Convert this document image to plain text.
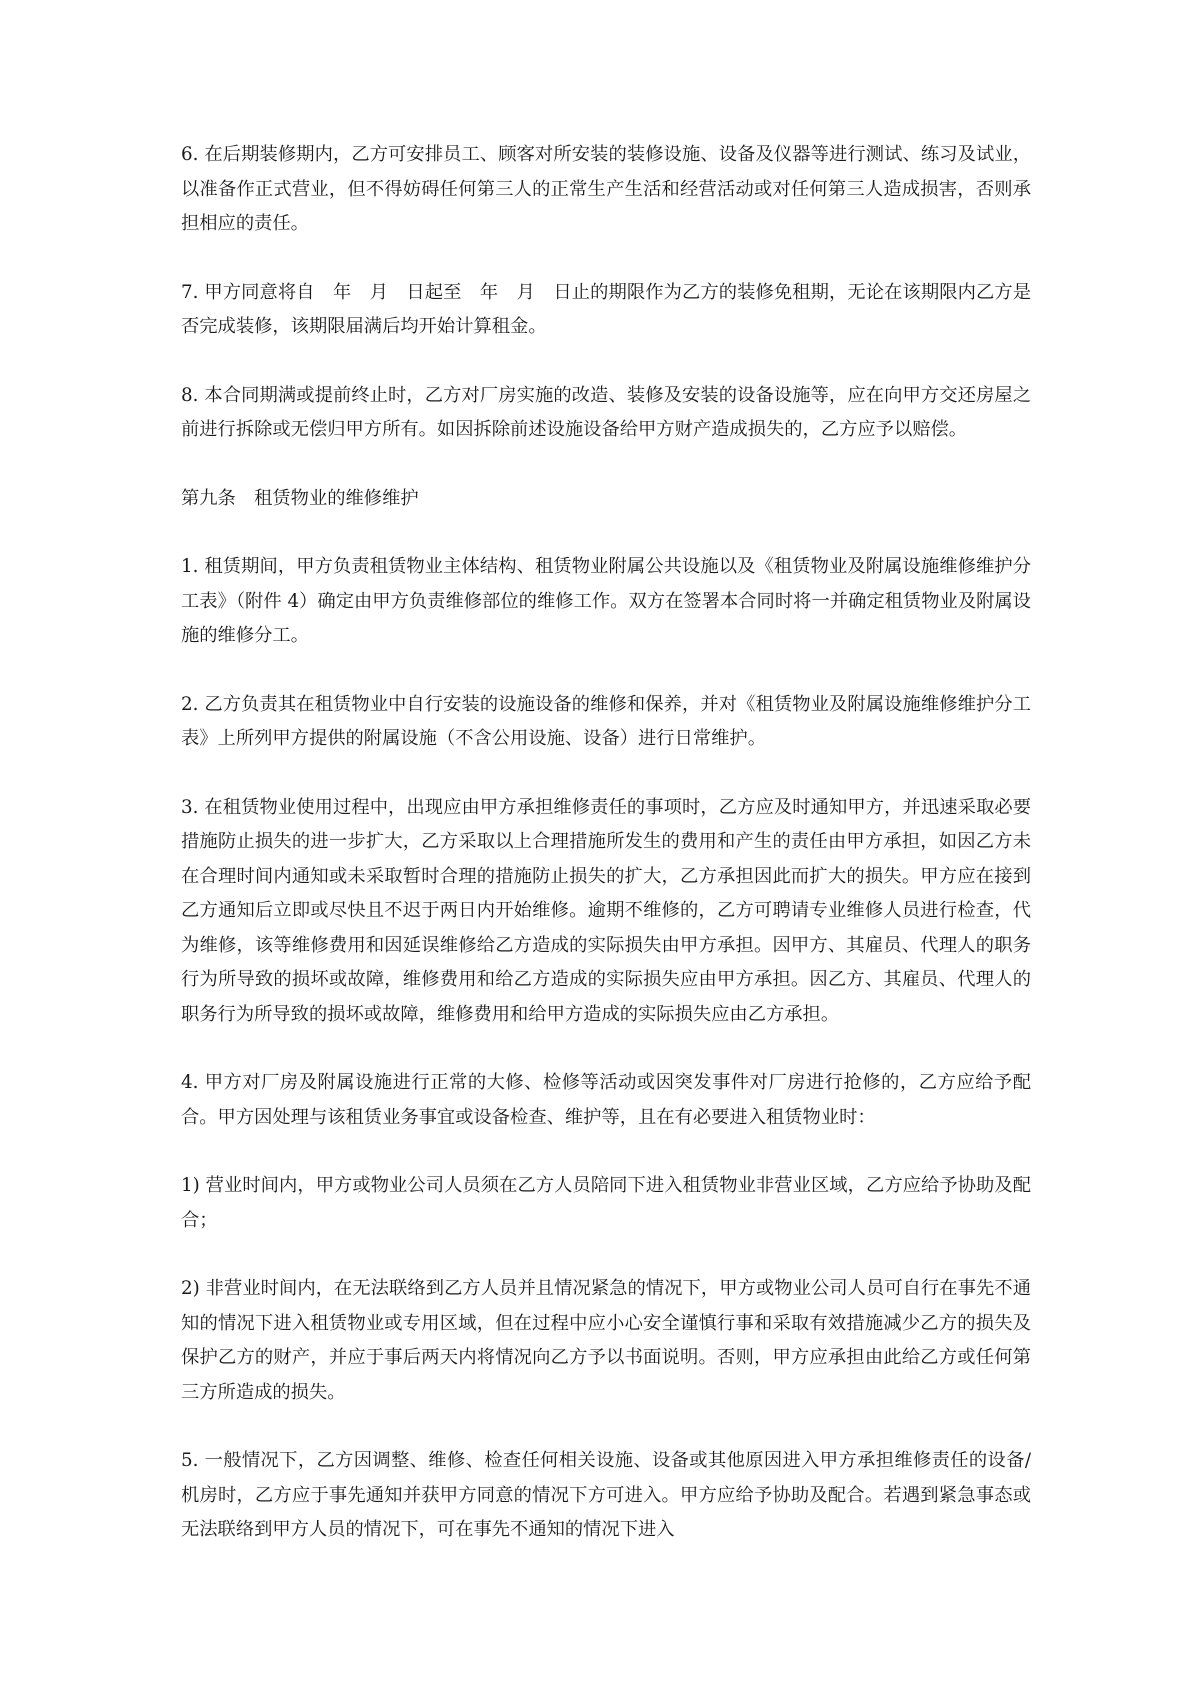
6. 在后期装修期内，乙方可安排员工、顾客对所安装的装修设施、设备及仪器等进行测试、练习及试业，以准备作正式营业，但不得妨碍任何第三人的正常生产生活和经营活动或对任何第三人造成损害，否则承担相应的责任。

7. 甲方同意将自　年　月　日起至　年　月　日止的期限作为乙方的装修免租期，无论在该期限内乙方是否完成装修，该期限届满后均开始计算租金。

8. 本合同期满或提前终止时，乙方对厂房实施的改造、装修及安装的设备设施等，应在向甲方交还房屋之前进行拆除或无偿归甲方所有。如因拆除前述设施设备给甲方财产造成损失的，乙方应予以赔偿。

第九条　租赁物业的维修维护

1. 租赁期间，甲方负责租赁物业主体结构、租赁物业附属公共设施以及《租赁物业及附属设施维修维护分工表》（附件 4）确定由甲方负责维修部位的维修工作。双方在签署本合同时将一并确定租赁物业及附属设施的维修分工。

2. 乙方负责其在租赁物业中自行安装的设施设备的维修和保养，并对《租赁物业及附属设施维修维护分工表》上所列甲方提供的附属设施（不含公用设施、设备）进行日常维护。

3. 在租赁物业使用过程中，出现应由甲方承担维修责任的事项时，乙方应及时通知甲方，并迅速采取必要措施防止损失的进一步扩大，乙方采取以上合理措施所发生的费用和产生的责任由甲方承担，如因乙方未在合理时间内通知或未采取暂时合理的措施防止损失的扩大，乙方承担因此而扩大的损失。甲方应在接到乙方通知后立即或尽快且不迟于两日内开始维修。逾期不维修的，乙方可聘请专业维修人员进行检查，代为维修，该等维修费用和因延误维修给乙方造成的实际损失由甲方承担。因甲方、其雇员、代理人的职务行为所导致的损坏或故障，维修费用和给乙方造成的实际损失应由甲方承担。因乙方、其雇员、代理人的职务行为所导致的损坏或故障，维修费用和给甲方造成的实际损失应由乙方承担。

4. 甲方对厂房及附属设施进行正常的大修、检修等活动或因突发事件对厂房进行抢修的，乙方应给予配合。甲方因处理与该租赁业务事宜或设备检查、维护等，且在有必要进入租赁物业时：

1) 营业时间内，甲方或物业公司人员须在乙方人员陪同下进入租赁物业非营业区域，乙方应给予协助及配合；

2) 非营业时间内，在无法联络到乙方人员并且情况紧急的情况下，甲方或物业公司人员可自行在事先不通知的情况下进入租赁物业或专用区域，但在过程中应小心安全谨慎行事和采取有效措施减少乙方的损失及保护乙方的财产，并应于事后两天内将情况向乙方予以书面说明。否则，甲方应承担由此给乙方或任何第三方所造成的损失。

5. 一般情况下，乙方因调整、维修、检查任何相关设施、设备或其他原因进入甲方承担维修责任的设备/机房时，乙方应于事先通知并获甲方同意的情况下方可进入。甲方应给予协助及配合。若遇到紧急事态或无法联络到甲方人员的情况下，可在事先不通知的情况下进入
